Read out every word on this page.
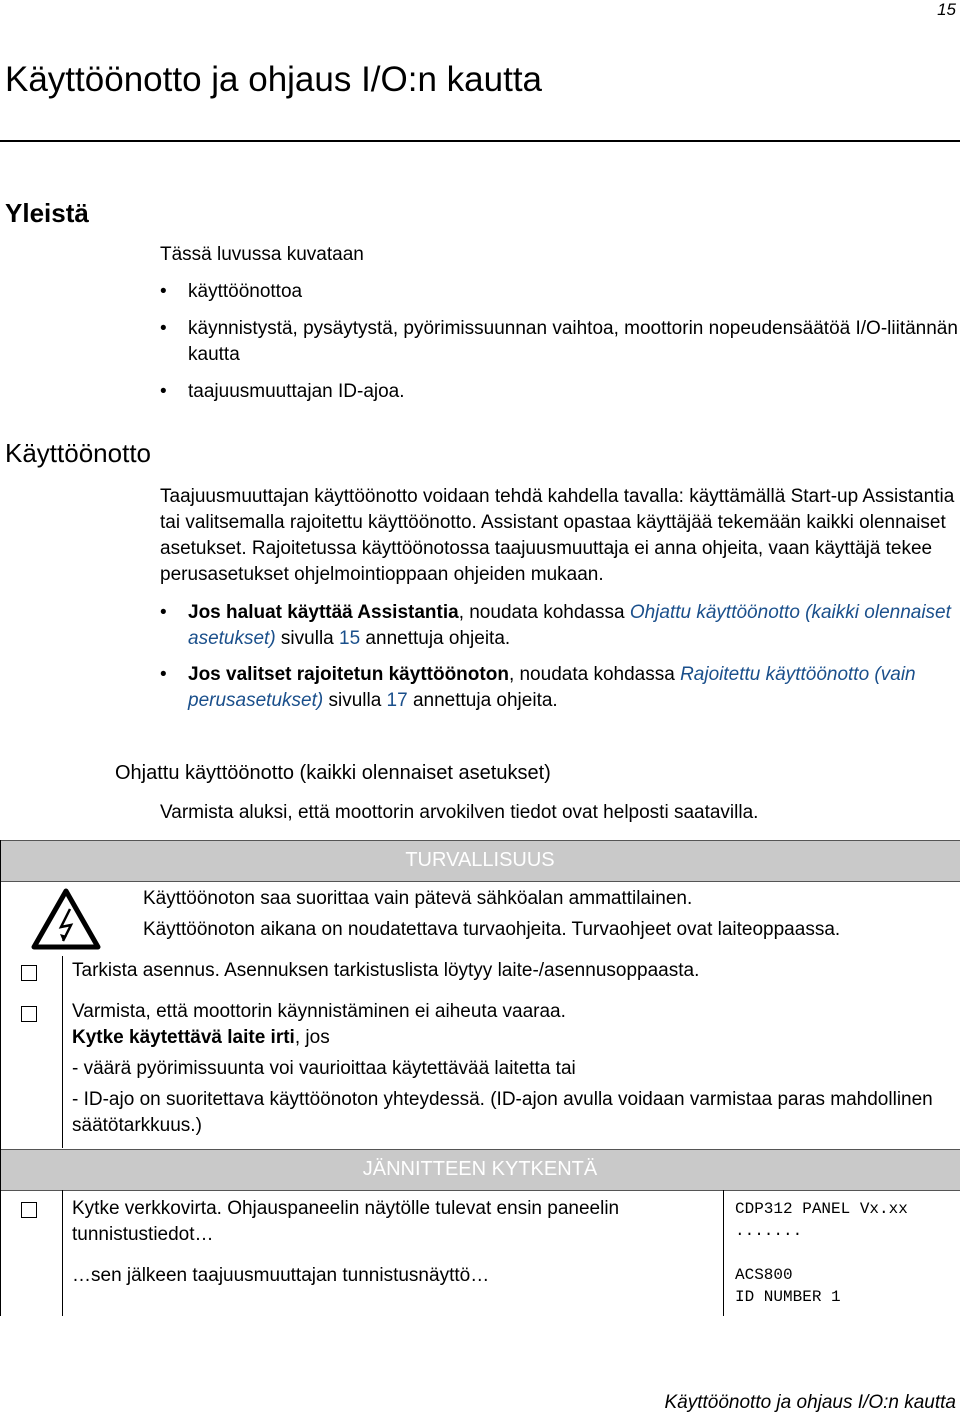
15
Käyttöönotto ja ohjaus I/O:n kautta
Yleistä

Tässä luvussa kuvataan

• käyttöönottoa

• käynnistystä, pysäytystä, pyörimissuunnan vaihtoa, moottorin nopeudensäätöä I/O-liitännän kautta

• taajuusmuuttajan ID-ajoa.

Käyttöönotto

Taajuusmuuttajan käyttöönotto voidaan tehdä kahdella tavalla: käyttämällä Start-up Assistantia tai valitsemalla rajoitettu käyttöönotto. Assistant opastaa käyttäjää tekemään kaikki olennaiset asetukset. Rajoitetussa käyttöönotossa taajuusmuuttaja ei anna ohjeita, vaan käyttäjä tekee perusasetukset ohjelmointioppaan ohjeiden mukaan.

• Jos haluat käyttää Assistantia, noudata kohdassa Ohjattu käyttöönotto (kaikki olennaiset asetukset) sivulla 15 annettuja ohjeita.

• Jos valitset rajoitetun käyttöönoton, noudata kohdassa Rajoitettu käyttöönotto (vain perusasetukset) sivulla 17 annettuja ohjeita.

Ohjattu käyttöönotto (kaikki olennaiset asetukset)
Varmista aluksi, että moottorin arvokilven tiedot ovat helposti saatavilla.
TURVALLISUUS
Käyttöönoton saa suorittaa vain pätevä sähköalan ammattilainen.
Käyttöönoton aikana on noudatettava turvaohjeita. Turvaohjeet ovat laiteoppaassa.
Tarkista asennus. Asennuksen tarkistuslista löytyy laite-/asennusoppaasta.
Varmista, että moottorin käynnistäminen ei aiheuta vaaraa.
Kytke käytettävä laite irti, jos
- väärä pyörimissuunta voi vaurioittaa käytettävää laitetta tai
- ID-ajo on suoritettava käyttöönoton yhteydessä. (ID-ajon avulla voidaan varmistaa paras mahdollinen säätötarkkuus.)
JÄNNITTEEN KYTKENTÄ
Kytke verkkovirta. Ohjauspaneelin näytölle tulevat ensin paneelin tunnistustiedot…
…sen jälkeen taajuusmuuttajan tunnistusnäyttö…
CDP312 PANEL Vx.xx
.......
ACS800
ID NUMBER 1
Käyttöönotto ja ohjaus I/O:n kautta
